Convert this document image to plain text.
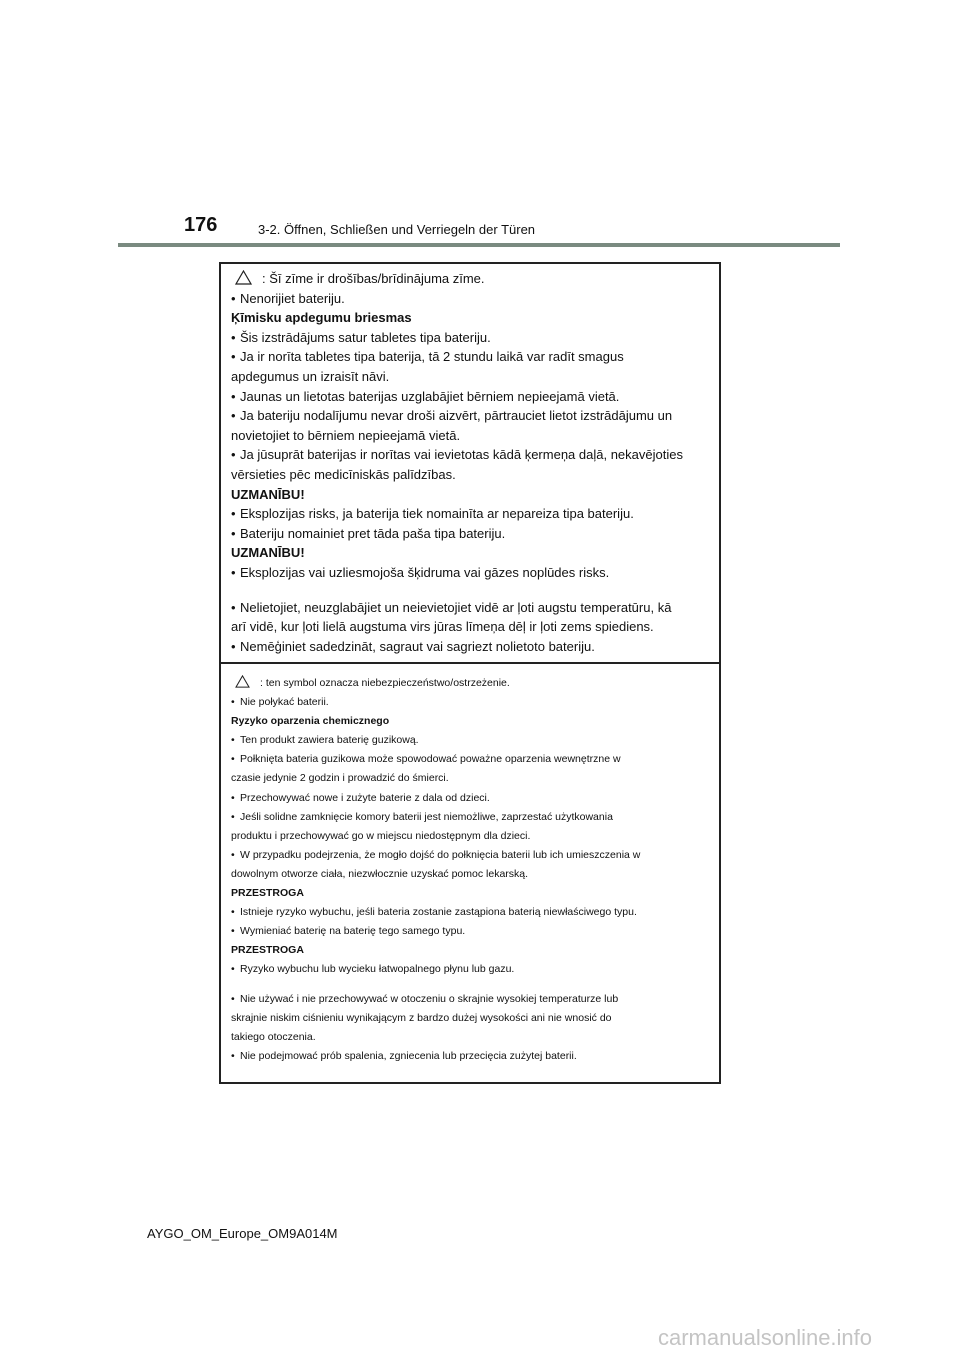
176	3-2. Öffnen, Schließen und Verriegeln der Türen
: Šī zīme ir drošības/brīdinājuma zīme.
• Nenorijiet bateriju.
Ķīmisku apdegumu briesmas
• Šis izstrādājums satur tabletes tipa bateriju.
• Ja ir norīta tabletes tipa baterija, tā 2 stundu laikā var radīt smagus
apdegumus un izraisīt nāvi.
• Jaunas un lietotas baterijas uzglabājiet bērniem nepieejamā vietā.
• Ja bateriju nodalījumu nevar droši aizvērt, pārtrauciet lietot izstrādājumu un
novietojiet to bērniem nepieejamā vietā.
• Ja jūsuprāt baterijas ir norītas vai ievietotas kādā ķermeņa daļā, nekavējoties
vērsieties pēc medicīniskās palīdzības.
UZMANĪBU!
• Eksplozijas risks, ja baterija tiek nomainīta ar nepareiza tipa bateriju.
• Bateriju nomainiet pret tāda paša tipa bateriju.
UZMANĪBU!
• Eksplozijas vai uzliesmojoša šķidruma vai gāzes noplūdes risks.
• Nelietojiet, neuzglabājiet un neievietojiet vidē ar ļoti augstu temperatūru, kā
arī vidē, kur ļoti lielā augstuma virs jūras līmeņa dēļ ir ļoti zems spiediens.
• Nemēģiniet sadedzināt, sagraut vai sagriezt nolietoto bateriju.
: ten symbol oznacza niebezpieczeństwo/ostrzeżenie.
• Nie połykać baterii.
Ryzyko oparzenia chemicznego
• Ten produkt zawiera baterię guzikową.
• Połknięta bateria guzikowa może spowodować poważne oparzenia wewnętrzne w
czasie jedynie 2 godzin i prowadzić do śmierci.
• Przechowywać nowe i zużyte baterie z dala od dzieci.
• Jeśli solidne zamknięcie komory baterii jest niemożliwe, zaprzestać użytkowania
produktu i przechowywać go w miejscu niedostępnym dla dzieci.
• W przypadku podejrzenia, że mogło dojść do połknięcia baterii lub ich umieszczenia w
dowolnym otworze ciała, niezwłocznie uzyskać pomoc lekarską.
PRZESTROGA
• Istnieje ryzyko wybuchu, jeśli bateria zostanie zastąpiona baterią niewłaściwego typu.
• Wymieniać baterię na baterię tego samego typu.
PRZESTROGA
• Ryzyko wybuchu lub wycieku łatwopalnego płynu lub gazu.
• Nie używać i nie przechowywać w otoczeniu o skrajnie wysokiej temperaturze lub
skrajnie niskim ciśnieniu wynikającym z bardzo dużej wysokości ani nie wnosić do
takiego otoczenia.
• Nie podejmować prób spalenia, zgniecenia lub przecięcia zużytej baterii.
AYGO_OM_Europe_OM9A014M
carmanualsonline.info
